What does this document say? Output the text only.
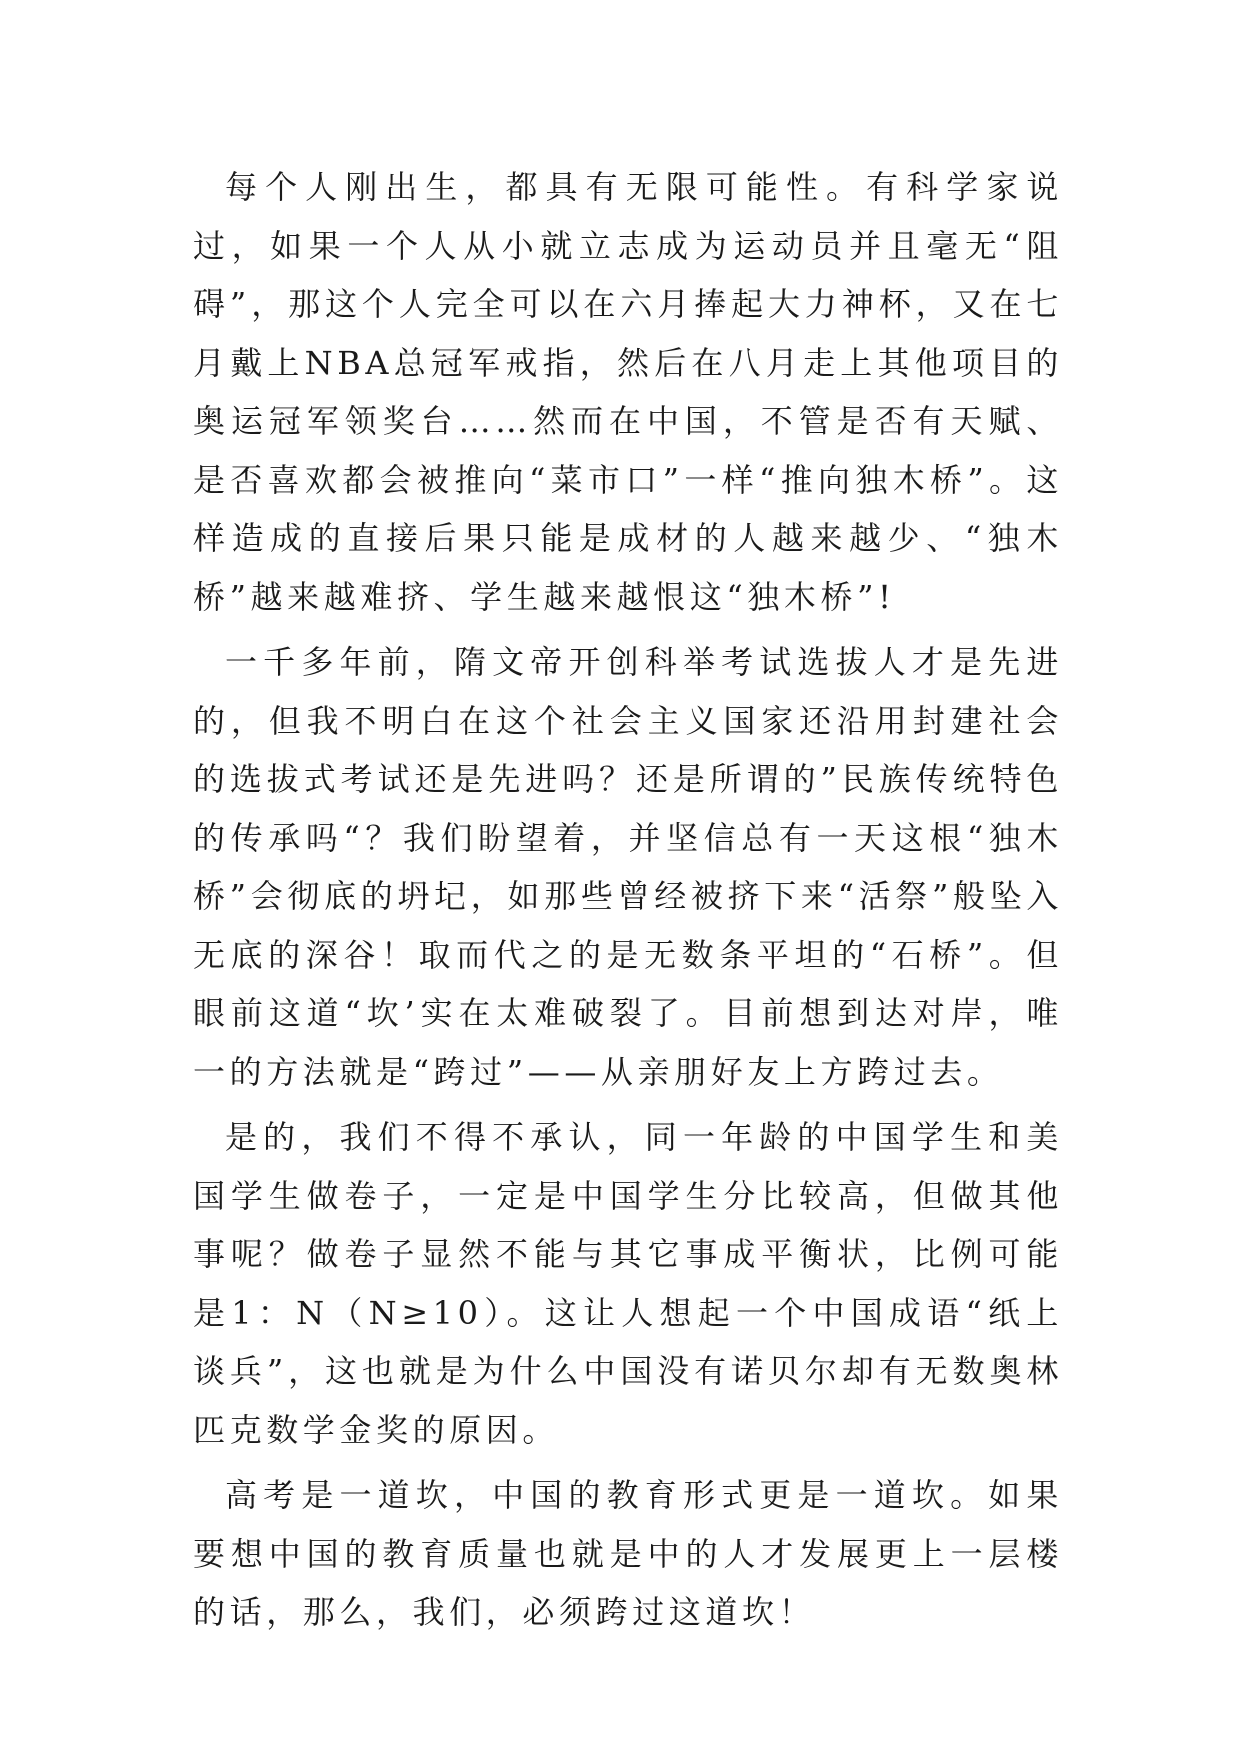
每个人刚出生，都具有无限可能性。有科学家说过，如果一个人从小就立志成为运动员并且毫无“阻碍”，那这个人完全可以在六月捧起大力神杯，又在七月戴上NBA总冠军戒指，然后在八月走上其他项目的奥运冠军领奖台……然而在中国，不管是否有天赋、是否喜欢都会被推向“菜市口”一样“推向独木桥”。这样造成的直接后果只能是成材的人越来越少、“独木桥”越来越难挤、学生越来越恨这“独木桥”!

一千多年前，隋文帝开创科举考试选拔人才是先进的，但我不明白在这个社会主义国家还沿用封建社会的选拔式考试还是先进吗？还是所谓的”民族传统特色的传承吗“？我们盼望着，并坚信总有一天这根“独木桥”会彻底的坍圮，如那些曾经被挤下来“活祭”般坠入无底的深谷！取而代之的是无数条平坦的“石桥”。但眼前这道“坎’实在太难破裂了。目前想到达对岸，唯一的方法就是“跨过”——从亲朋好友上方跨过去。

是的，我们不得不承认，同一年龄的中国学生和美国学生做卷子，一定是中国学生分比较高，但做其他事呢？做卷子显然不能与其它事成平衡状，比例可能是1：N（N≥10）。这让人想起一个中国成语“纸上谈兵”，这也就是为什么中国没有诺贝尔却有无数奥林匹克数学金奖的原因。

高考是一道坎，中国的教育形式更是一道坎。如果要想中国的教育质量也就是中的人才发展更上一层楼的话，那么，我们，必须跨过这道坎！
